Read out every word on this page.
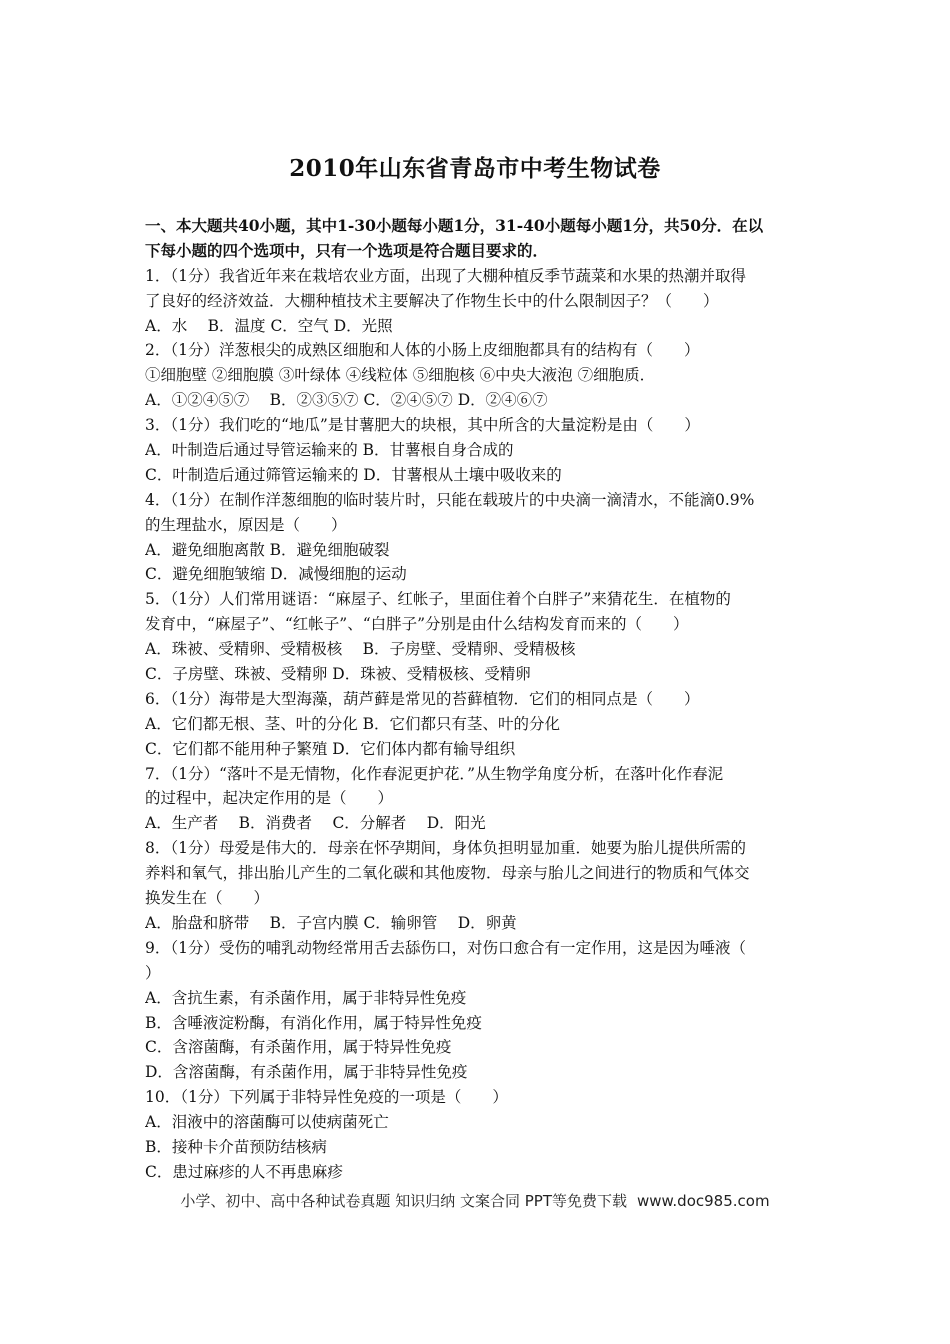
2010年山东省青岛市中考生物试卷
一、本大题共40小题，其中1-30小题每小题1分，31-40小题每小题1分，共50分．在以
下每小题的四个选项中，只有一个选项是符合题目要求的．
1．（1分）我省近年来在栽培农业方面，出现了大棚种植反季节蔬菜和水果的热潮并取得
了良好的经济效益．大棚种植技术主要解决了作物生长中的什么限制因子？（　　）
A．水　 B．温度 C．空气 D．光照
2．（1分）洋葱根尖的成熟区细胞和人体的小肠上皮细胞都具有的结构有（　　）
①细胞壁 ②细胞膜 ③叶绿体 ④线粒体 ⑤细胞核 ⑥中央大液泡 ⑦细胞质．
A．①②④⑤⑦　 B．②③⑤⑦ C．②④⑤⑦ D．②④⑥⑦
3．（1分）我们吃的“地瓜”是甘薯肥大的块根，其中所含的大量淀粉是由（　　）
A．叶制造后通过导管运输来的 B．甘薯根自身合成的
C．叶制造后通过筛管运输来的 D．甘薯根从土壤中吸收来的
4．（1分）在制作洋葱细胞的临时装片时，只能在载玻片的中央滴一滴清水，不能滴0.9%
的生理盐水，原因是（　　）
A．避免细胞离散 B．避免细胞破裂
C．避免细胞皱缩 D．减慢细胞的运动
5．（1分）人们常用谜语：“麻屋子、红帐子，里面住着个白胖子”来猜花生．在植物的
发育中，“麻屋子”、“红帐子”、“白胖子”分别是由什么结构发育而来的（　　）
A．珠被、受精卵、受精极核　 B．子房壁、受精卵、受精极核
C．子房壁、珠被、受精卵 D．珠被、受精极核、受精卵
6．（1分）海带是大型海藻，葫芦藓是常见的苔藓植物．它们的相同点是（　　）
A．它们都无根、茎、叶的分化 B．它们都只有茎、叶的分化
C．它们都不能用种子繁殖 D．它们体内都有输导组织
7．（1分）“落叶不是无情物，化作春泥更护花．”从生物学角度分析，在落叶化作春泥
的过程中，起决定作用的是（　　）
A．生产者　 B．消费者　 C．分解者　 D．阳光
8．（1分）母爱是伟大的．母亲在怀孕期间，身体负担明显加重．她要为胎儿提供所需的
养料和氧气，排出胎儿产生的二氧化碳和其他废物．母亲与胎儿之间进行的物质和气体交
换发生在（　　）
A．胎盘和脐带　 B．子宫内膜 C．输卵管　 D．卵黄
9．（1分）受伤的哺乳动物经常用舌去舔伤口，对伤口愈合有一定作用，这是因为唾液（
）
A．含抗生素，有杀菌作用，属于非特异性免疫
B．含唾液淀粉酶，有消化作用，属于特异性免疫
C．含溶菌酶，有杀菌作用，属于特异性免疫
D．含溶菌酶，有杀菌作用，属于非特异性免疫
10．（1分）下列属于非特异性免疫的一项是（　　）
A．泪液中的溶菌酶可以使病菌死亡
B．接种卡介苗预防结核病
C．患过麻疹的人不再患麻疹
小学、初中、高中各种试卷真题 知识归纳 文案合同 PPT等免费下载 www.doc985.com
